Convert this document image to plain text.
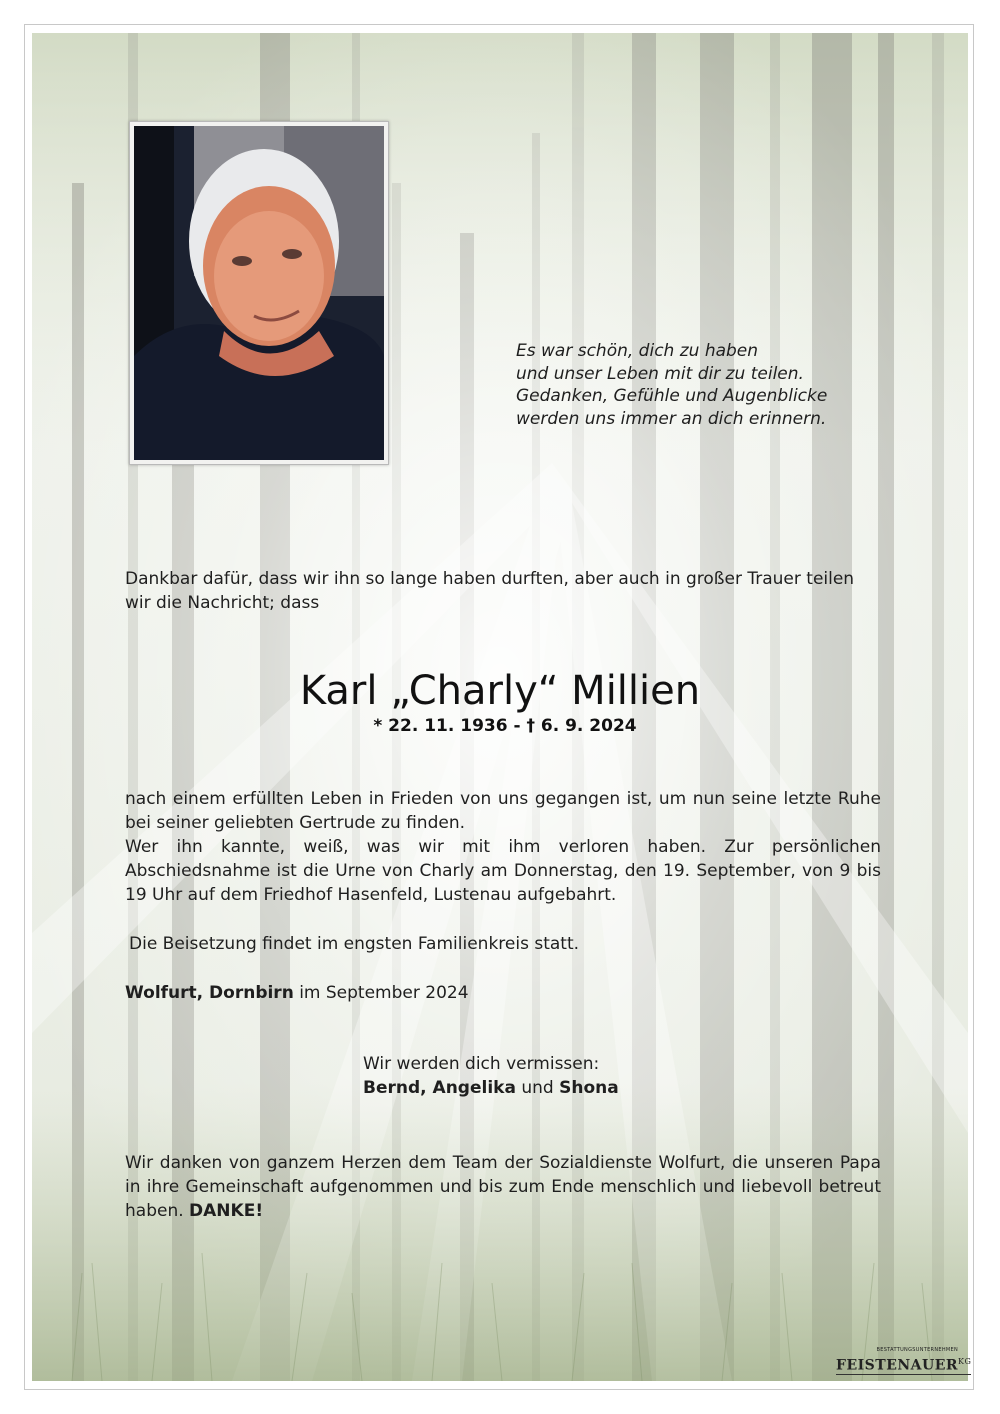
Es war schön, dich zu haben
und unser Leben mit dir zu teilen.
Gedanken, Gefühle und Augenblicke
werden uns immer an dich erinnern.
Dankbar dafür, dass wir ihn so lange haben durften, aber auch in großer Trauer teilen wir die Nachricht; dass
Karl „Charly“ Millien
* 22. 11. 1936 - † 6. 9. 2024
nach einem erfüllten Leben in Frieden von uns gegangen ist, um nun seine letzte Ruhe bei seiner geliebten Gertrude zu finden.
Wer ihn kannte, weiß, was wir mit ihm verloren haben. Zur persönlichen Abschiedsnahme ist die Urne von Charly am Donnerstag, den 19. September, von 9 bis 19 Uhr auf dem Friedhof Hasenfeld, Lustenau aufgebahrt.
Die Beisetzung findet im engsten Familienkreis statt.
Wolfurt, Dornbirn im September 2024
Wir werden dich vermissen:
Bernd, Angelika und Shona
Wir danken von ganzem Herzen dem Team der Sozialdienste Wolfurt, die unseren Papa in ihre Gemeinschaft aufgenommen und bis zum Ende menschlich und liebevoll betreut haben. DANKE!
BESTATTUNGSUNTERNEHMEN
$FEISTENAUER^{KG}$
